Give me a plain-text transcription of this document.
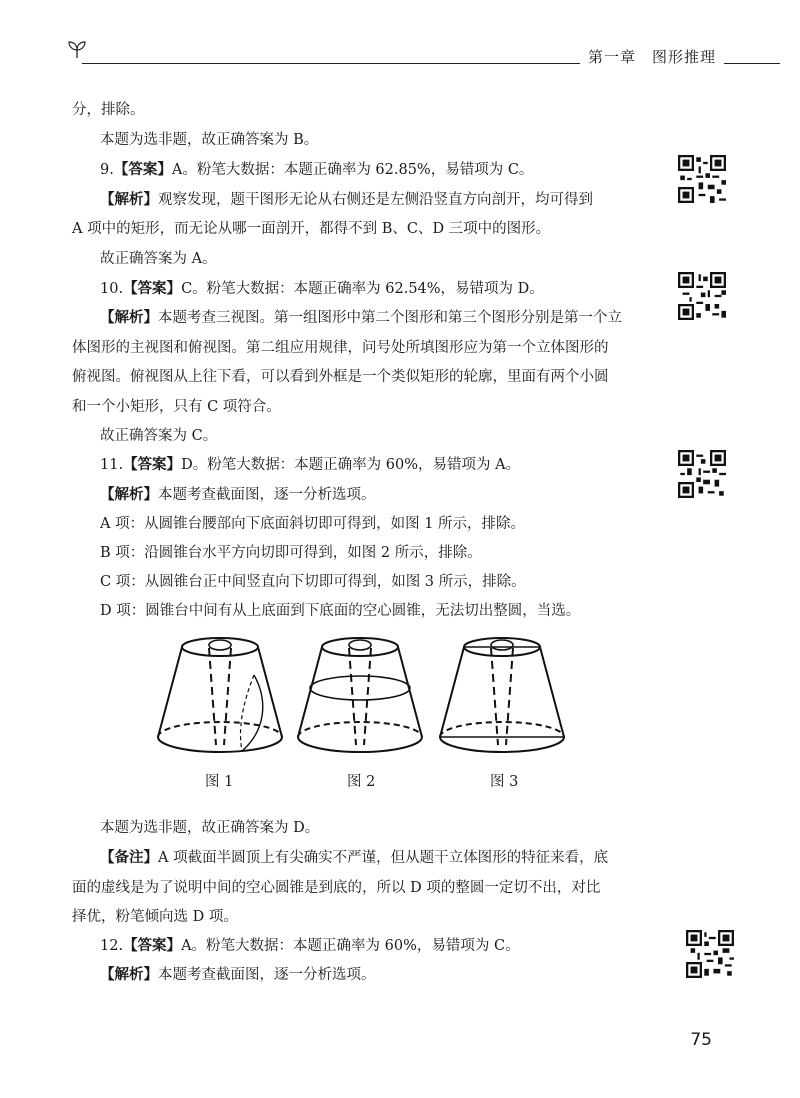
第一章　图形推理
分，排除。
本题为选非题，故正确答案为 B。
9.【答案】A。粉笔大数据：本题正确率为 62.85%，易错项为 C。
【解析】观察发现，题干图形无论从右侧还是左侧沿竖直方向剖开，均可得到
A 项中的矩形，而无论从哪一面剖开，都得不到 B、C、D 三项中的图形。
故正确答案为 A。
10.【答案】C。粉笔大数据：本题正确率为 62.54%，易错项为 D。
【解析】本题考查三视图。第一组图形中第二个图形和第三个图形分别是第一个立
体图形的主视图和俯视图。第二组应用规律，问号处所填图形应为第一个立体图形的
俯视图。俯视图从上往下看，可以看到外框是一个类似矩形的轮廓，里面有两个小圆
和一个小矩形，只有 C 项符合。
故正确答案为 C。
11.【答案】D。粉笔大数据：本题正确率为 60%，易错项为 A。
【解析】本题考查截面图，逐一分析选项。
A 项：从圆锥台腰部向下底面斜切即可得到，如图 1 所示，排除。
B 项：沿圆锥台水平方向切即可得到，如图 2 所示，排除。
C 项：从圆锥台正中间竖直向下切即可得到，如图 3 所示，排除。
D 项：圆锥台中间有从上底面到下底面的空心圆锥，无法切出整圆，当选。
图 1	图 2	图 3
本题为选非题，故正确答案为 D。
【备注】A 项截面半圆顶上有尖确实不严谨，但从题干立体图形的特征来看，底
面的虚线是为了说明中间的空心圆锥是到底的，所以 D 项的整圆一定切不出，对比
择优，粉笔倾向选 D 项。
12.【答案】A。粉笔大数据：本题正确率为 60%，易错项为 C。
【解析】本题考查截面图，逐一分析选项。
75
